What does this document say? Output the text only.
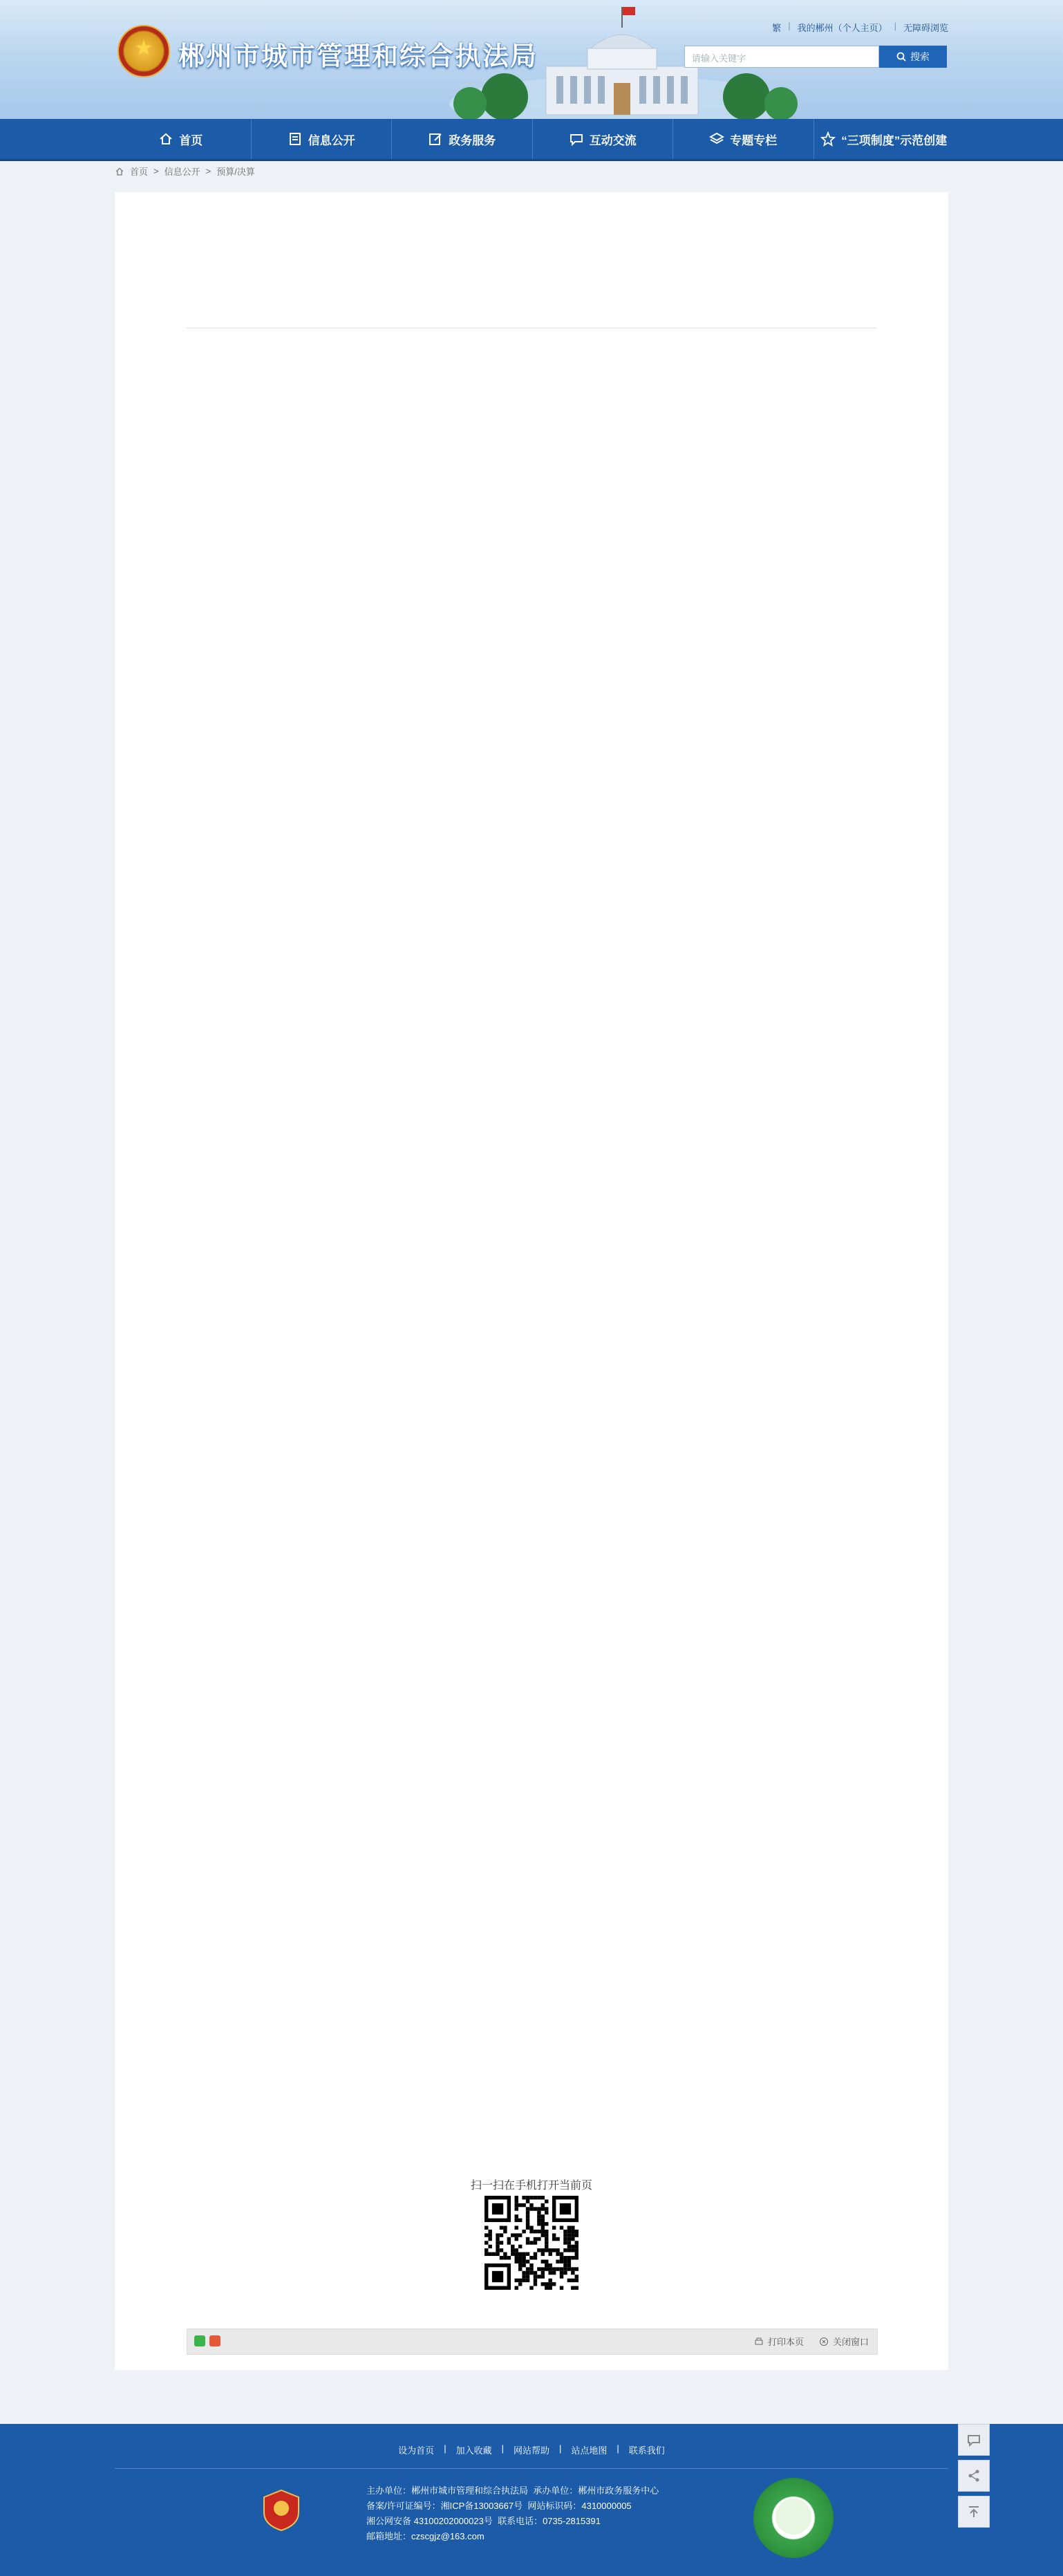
★ 郴州市城市管理和综合执法局
繁 | 我的郴州（个人主页） | 无障碍浏览
请输入关键字	搜索
首页	信息公开	政务服务	互动交流	专题专栏	“三项制度”示范创建
首页 > 信息公开 > 预算/决算
扫一扫在手机打开当前页
打印本页	关闭窗口
设为首页 | 加入收藏 | 网站帮助 | 站点地图 | 联系我们
主办单位：郴州市城市管理和综合执法局 承办单位：郴州市政务服务中心
备案/许可证编号：湘ICP备13003667号 网站标识码：4310000005
湘公网安备 43100202000023号 联系电话：0735-2815391
邮箱地址：czscgjz@163.com
